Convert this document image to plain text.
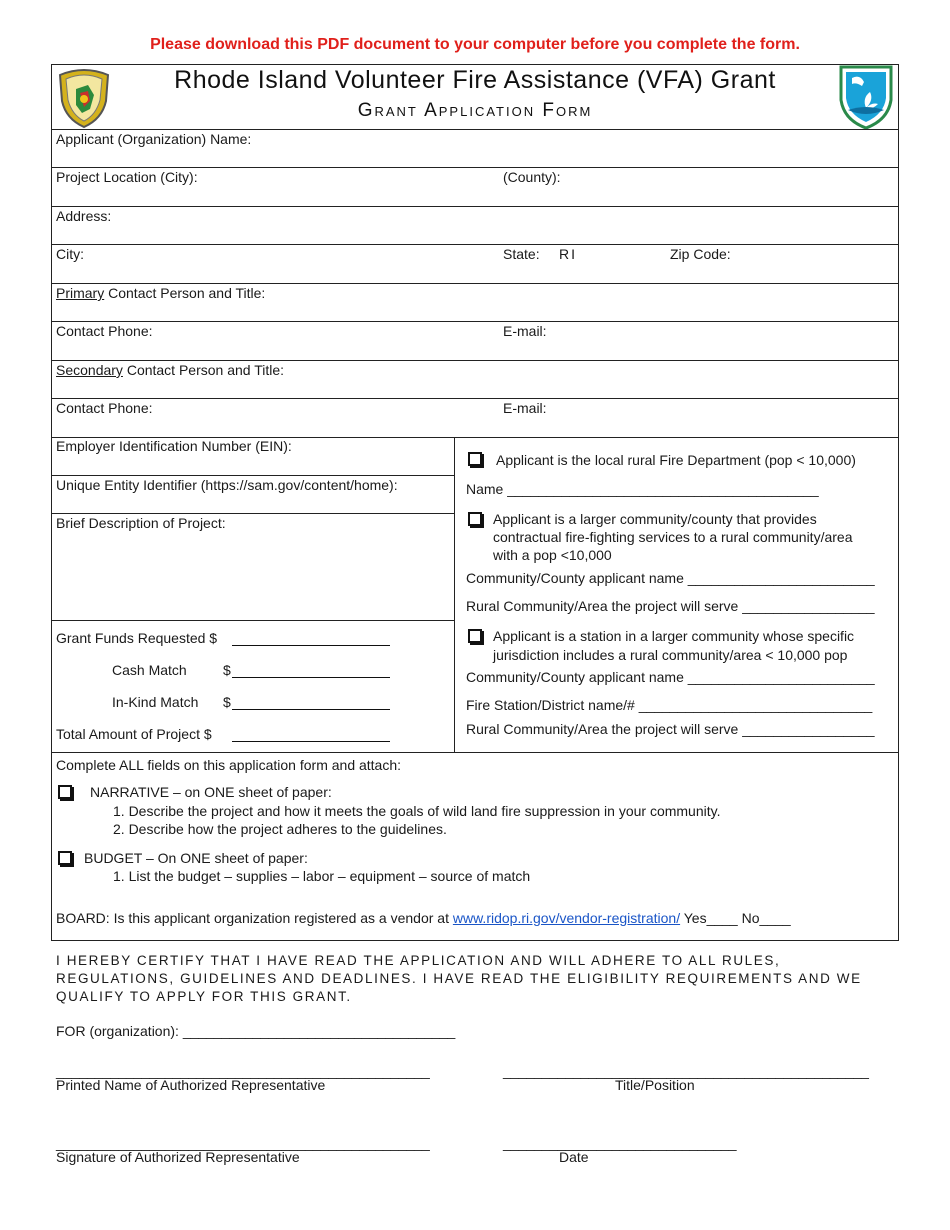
Please download this PDF document to your computer before you complete the form.
Rhode Island Volunteer Fire Assistance (VFA) Grant
Grant Application Form
Applicant (Organization) Name:
Project Location (City):	(County):
Address:
City:	State: RI	Zip Code:
Primary Contact Person and Title:
Contact Phone:	E-mail:
Secondary Contact Person and Title:
Contact Phone:	E-mail:
Employer Identification Number (EIN):
Unique Entity Identifier (https://sam.gov/content/home):
Brief Description of Project:
Grant Funds Requested $
Cash Match	$
In-Kind Match $
Total Amount of Project $
Applicant is the local rural Fire Department (pop < 10,000)
Name ________________________________________
Applicant is a larger community/county that provides
contractual fire-fighting services to a rural community/area
with a pop <10,000
Community/County applicant name ________________________
Rural Community/Area the project will serve _________________
Applicant is a station in a larger community whose specific
jurisdiction includes a rural community/area < 10,000 pop
Community/County applicant name ________________________
Fire Station/District name/# ______________________________
Rural Community/Area the project will serve _________________
Complete ALL fields on this application form and attach:
NARRATIVE – on ONE sheet of paper:
1. Describe the project and how it meets the goals of wild land fire suppression in your community.
2. Describe how the project adheres to the guidelines.
BUDGET – On ONE sheet of paper:
1. List the budget – supplies – labor – equipment – source of match
BOARD: Is this applicant organization registered as a vendor at www.ridop.ri.gov/vendor-registration/ Yes____ No____
I HEREBY CERTIFY THAT I HAVE READ THE APPLICATION AND WILL ADHERE TO ALL RULES, REGULATIONS, GUIDELINES AND DEADLINES. I HAVE READ THE ELIGIBILITY REQUIREMENTS AND WE QUALIFY TO APPLY FOR THIS GRANT.
FOR (organization): ___________________________________
________________________________________________	_______________________________________________
Printed Name of Authorized Representative	Title/Position
________________________________________________	______________________________
Signature of Authorized Representative	Date
